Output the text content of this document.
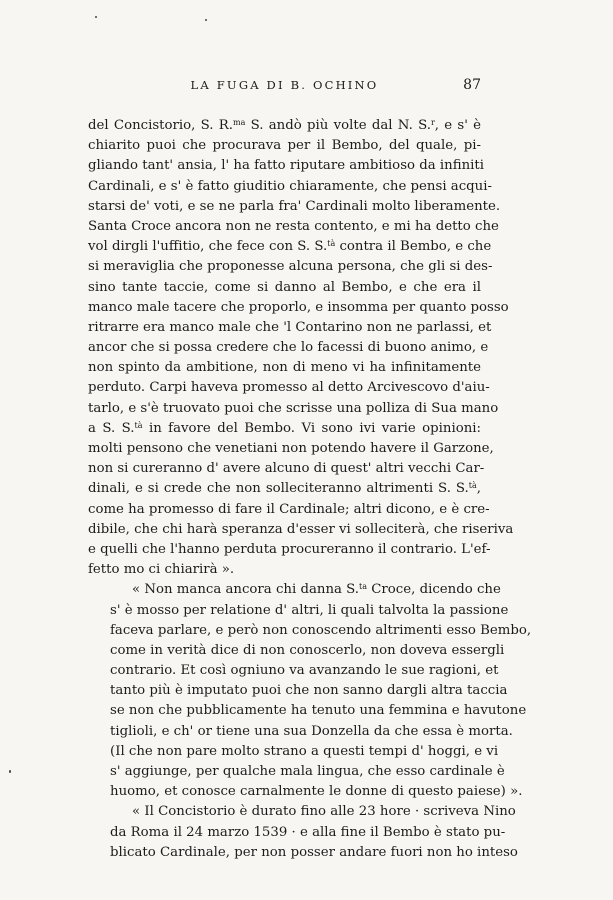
LA FUGA DI B. OCHINO	87
del Concistorio, S. R.$^{ma}$ S. andò più volte dal N. S.$^r$, e s' è
chiarito puoi che procurava per il Bembo, del quale, pi-
gliando tant' ansia, l' ha fatto riputare ambitioso da infiniti
Cardinali, e s' è fatto giuditio chiaramente, che pensi acqui-
starsi de' voti, e se ne parla fra' Cardinali molto liberamente.
Santa Croce ancora non ne resta contento, e mi ha detto che
vol dirgli l'uffitio, che fece con S. S.$^{tà}$ contra il Bembo, e che
si meraviglia che proponesse alcuna persona, che gli si des-
sino tante taccie, come si danno al Bembo, e che era il
manco male tacere che proporlo, e insomma per quanto posso
ritrarre era manco male che 'l Contarino non ne parlassi, et
ancor che si possa credere che lo facessi di buono animo, e
non spinto da ambitione, non di meno vi ha infinitamente
perduto. Carpi haveva promesso al detto Arcivescovo d'aiu-
tarlo, e s'è truovato puoi che scrisse una polliza di Sua mano
a S. S.$^{tà}$ in favore del Bembo. Vi sono ivi varie opinioni:
molti pensono che venetiani non potendo havere il Garzone,
non si cureranno d' avere alcuno di quest' altri vecchi Car-
dinali, e si crede che non solleciteranno altrimenti S. S.$^{tà}$,
come ha promesso di fare il Cardinale; altri dicono, e è cre-
dibile, che chi harà speranza d'esser vi solleciterà, che riseriva
e quelli che l'hanno perduta procureranno il contrario. L'ef-
fetto mo ci chiarirà ».
« Non manca ancora chi danna S.$^{ta}$ Croce, dicendo che
s' è mosso per relatione d' altri, li quali talvolta la passione
faceva parlare, e però non conoscendo altrimenti esso Bembo,
come in verità dice di non conoscerlo, non doveva essergli
contrario. Et così ogniuno va avanzando le sue ragioni, et
tanto più è imputato puoi che non sanno dargli altra taccia
se non che pubblicamente ha tenuto una femmina e havutone
tiglioli, e ch' or tiene una sua Donzella da che essa è morta.
(Il che non pare molto strano a questi tempi d' hoggi, e vi
s' aggiunge, per qualche mala lingua, che esso cardinale è
huomo, et conosce carnalmente le donne di questo paiese) ».
« Il Concistorio è durato fino alle 23 hore · scriveva Nino
da Roma il 24 marzo 1539 · e alla fine il Bembo è stato pu-
blicato Cardinale, per non posser andare fuori non ho inteso
